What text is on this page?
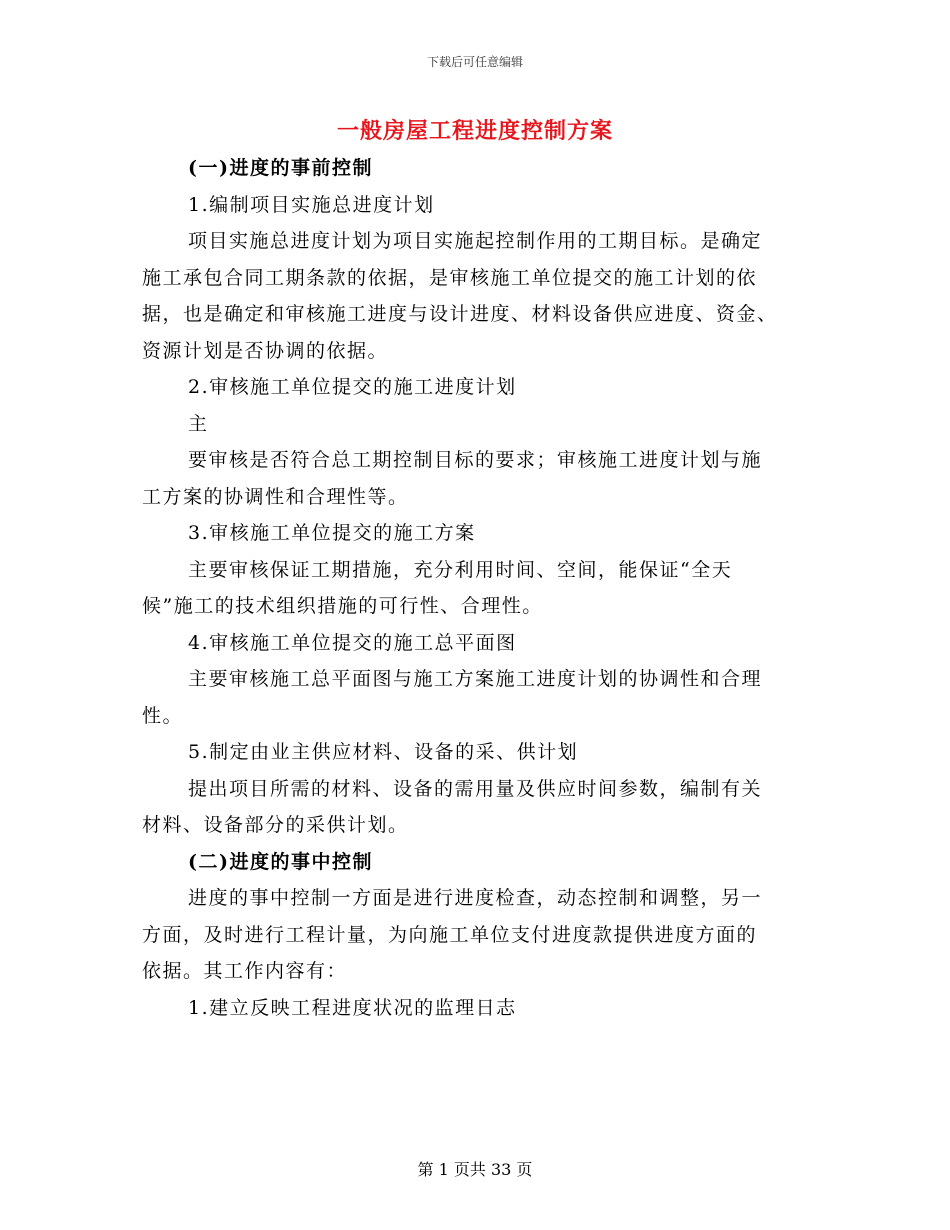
下载后可任意编辑
一般房屋工程进度控制方案
(一)进度的事前控制
1.编制项目实施总进度计划
项目实施总进度计划为项目实施起控制作用的工期目标。是确定
施工承包合同工期条款的依据，是审核施工单位提交的施工计划的依
据，也是确定和审核施工进度与设计进度、材料设备供应进度、资金、
资源计划是否协调的依据。
2.审核施工单位提交的施工进度计划
主
要审核是否符合总工期控制目标的要求；审核施工进度计划与施
工方案的协调性和合理性等。
3.审核施工单位提交的施工方案
主要审核保证工期措施，充分利用时间、空间，能保证“全天
候”施工的技术组织措施的可行性、合理性。
4.审核施工单位提交的施工总平面图
主要审核施工总平面图与施工方案施工进度计划的协调性和合理
性。
5.制定由业主供应材料、设备的采、供计划
提出项目所需的材料、设备的需用量及供应时间参数，编制有关
材料、设备部分的采供计划。
(二)进度的事中控制
进度的事中控制一方面是进行进度检查，动态控制和调整，另一
方面，及时进行工程计量，为向施工单位支付进度款提供进度方面的
依据。其工作内容有：
1.建立反映工程进度状况的监理日志
第 1 页共 33 页
